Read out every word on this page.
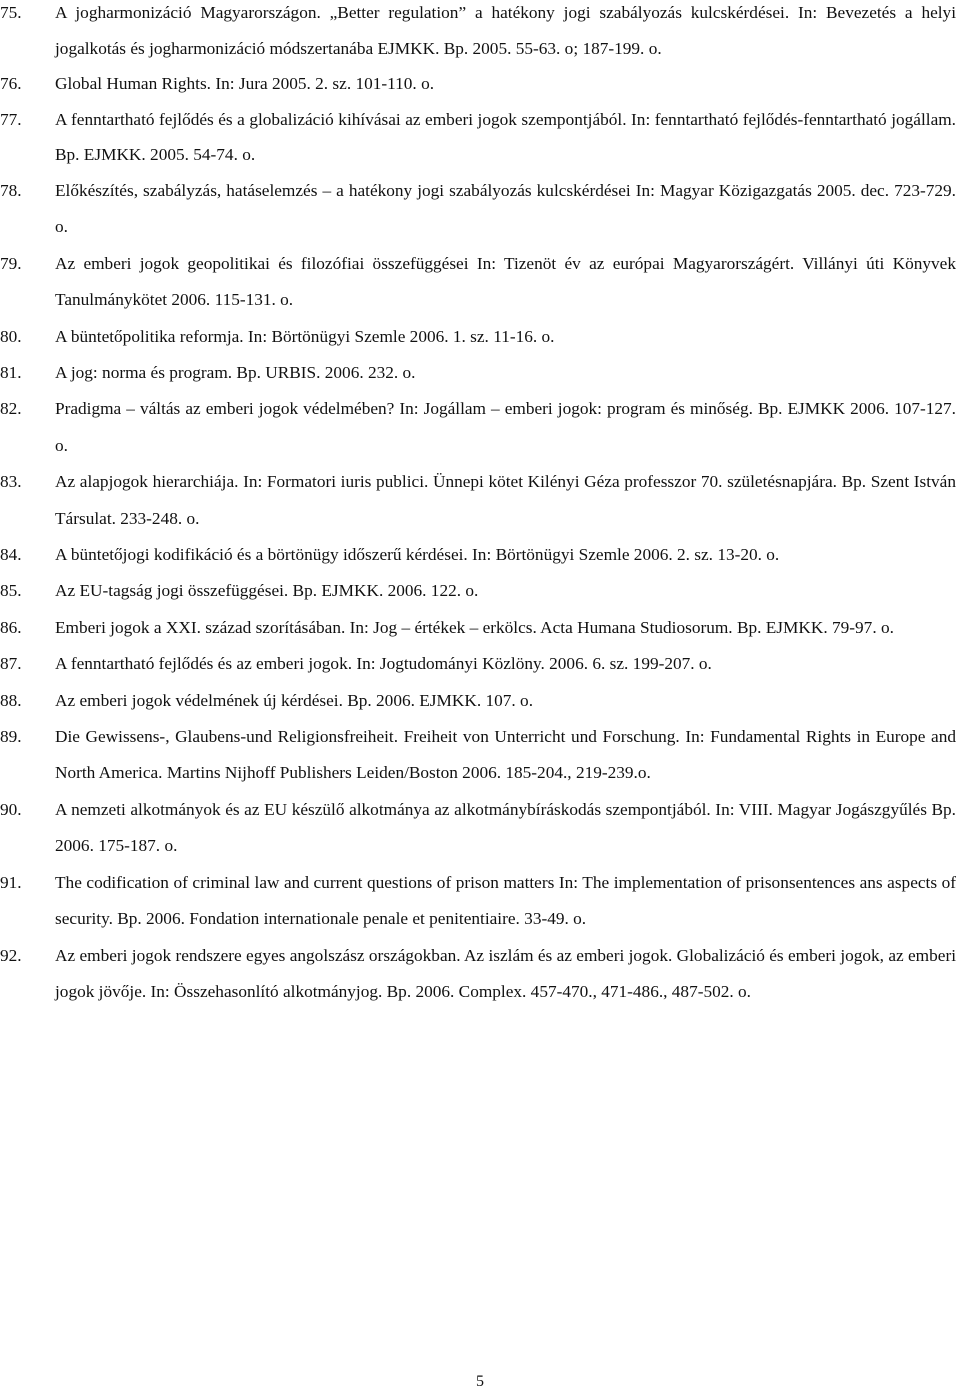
75.	A jogharmonizáció Magyarországon. „Better regulation” a hatékony jogi szabályozás kulcskérdései. In: Bevezetés a helyi jogalkotás és jogharmonizáció módszertanába EJMKK. Bp. 2005. 55-63. o; 187-199. o.
76.	Global Human Rights. In: Jura 2005. 2. sz. 101-110. o.
77.	A fenntartható fejlődés és a globalizáció kihívásai az emberi jogok szempontjából. In: fenntartható fejlődés-fenntartható jogállam. Bp. EJMKK. 2005. 54-74. o.
78.	Előkészítés, szabályzás, hatáselemzés – a hatékony jogi szabályozás kulcskérdései In: Magyar Közigazgatás 2005. dec. 723-729. o.
79.	Az emberi jogok geopolitikai és filozófiai összefüggései In: Tizenöt év az európai Magyarországért. Villányi úti Könyvek Tanulmánykötet 2006. 115-131. o.
80.	A büntetőpolitika reformja. In: Börtönügyi Szemle 2006. 1. sz. 11-16. o.
81.	A jog: norma és program. Bp. URBIS. 2006. 232. o.
82.	Pradigma – váltás az emberi jogok védelmében? In: Jogállam – emberi jogok: program és minőség. Bp. EJMKK 2006. 107-127. o.
83.	Az alapjogok hierarchiája. In: Formatori iuris publici. Ünnepi kötet Kilényi Géza professzor 70. születésnapjára. Bp. Szent István Társulat. 233-248. o.
84.	A büntetőjogi kodifikáció és a börtönügy időszerű kérdései. In: Börtönügyi Szemle 2006. 2. sz. 13-20. o.
85.	Az EU-tagság jogi összefüggései. Bp. EJMKK. 2006. 122. o.
86.	Emberi jogok a XXI. század szorításában. In: Jog – értékek – erkölcs. Acta Humana Studiosorum. Bp. EJMKK. 79-97. o.
87.	A fenntartható fejlődés és az emberi jogok. In: Jogtudományi Közlöny. 2006. 6. sz. 199-207. o.
88.	Az emberi jogok védelmének új kérdései. Bp. 2006. EJMKK. 107. o.
89.	Die Gewissens-, Glaubens-und Religionsfreiheit. Freiheit von Unterricht und Forschung. In: Fundamental Rights in Europe and North America. Martins Nijhoff Publishers Leiden/Boston 2006. 185-204., 219-239.o.
90.	A nemzeti alkotmányok és az EU készülő alkotmánya az alkotmánybíráskodás szempontjából. In: VIII. Magyar Jogászgyűlés Bp. 2006. 175-187. o.
91.	The codification of criminal law and current questions of prison matters In: The implementation of prisonsentences ans aspects of security. Bp. 2006. Fondation internationale penale et penitentiaire. 33-49. o.
92.	Az emberi jogok rendszere egyes angolszász országokban. Az iszlám és az emberi jogok. Globalizáció és emberi jogok, az emberi jogok jövője. In: Összehasonlító alkotmányjog. Bp. 2006. Complex. 457-470., 471-486., 487-502. o.
5
